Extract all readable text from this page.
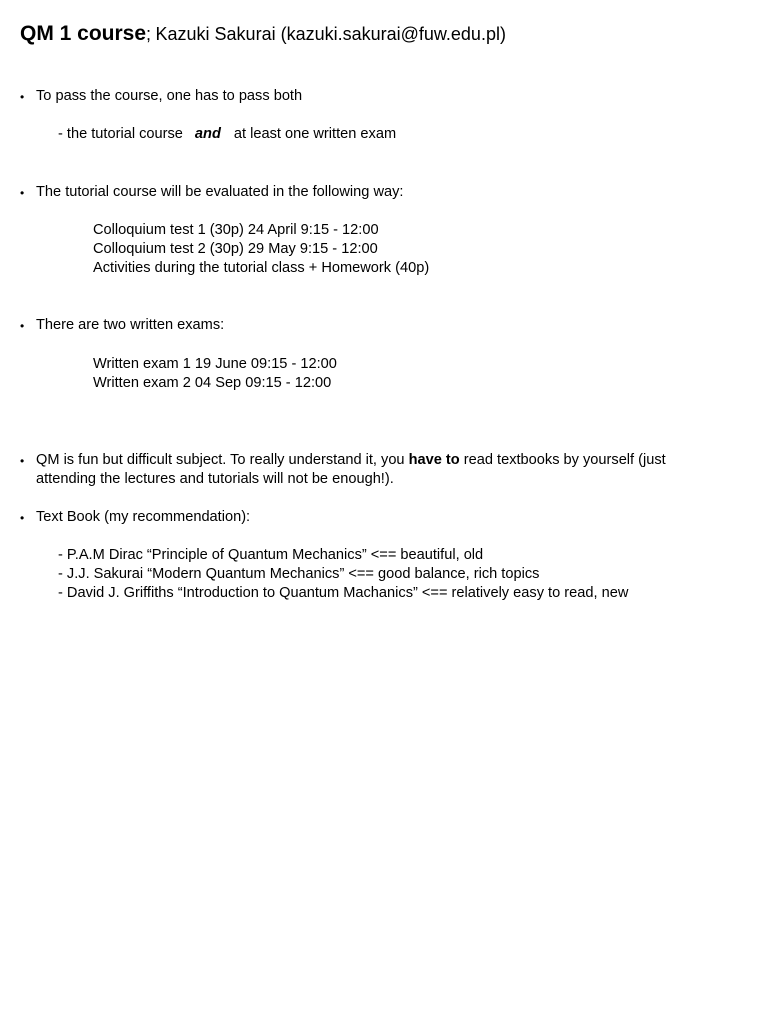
QM 1 course; Kazuki Sakurai (kazuki.sakurai@fuw.edu.pl)
• To pass the course, one has to pass both
- the tutorial course and at least one written exam
• The tutorial course will be evaluated in the following way:
Colloquium test 1 (30p) 24 April 9:15 - 12:00
Colloquium test 2 (30p) 29 May 9:15 - 12:00
Activities during the tutorial class + Homework (40p)
• There are two written exams:
Written exam 1 19 June 09:15 - 12:00
Written exam 2 04 Sep 09:15 - 12:00
• QM is fun but difficult subject. To really understand it, you have to read textbooks by yourself (just
attending the lectures and tutorials will not be enough!).
• Text Book (my recommendation):
- P.A.M Dirac “Principle of Quantum Mechanics” <== beautiful, old
- J.J. Sakurai “Modern Quantum Mechanics” <== good balance, rich topics
- David J. Griffiths “Introduction to Quantum Machanics” <== relatively easy to read, new
